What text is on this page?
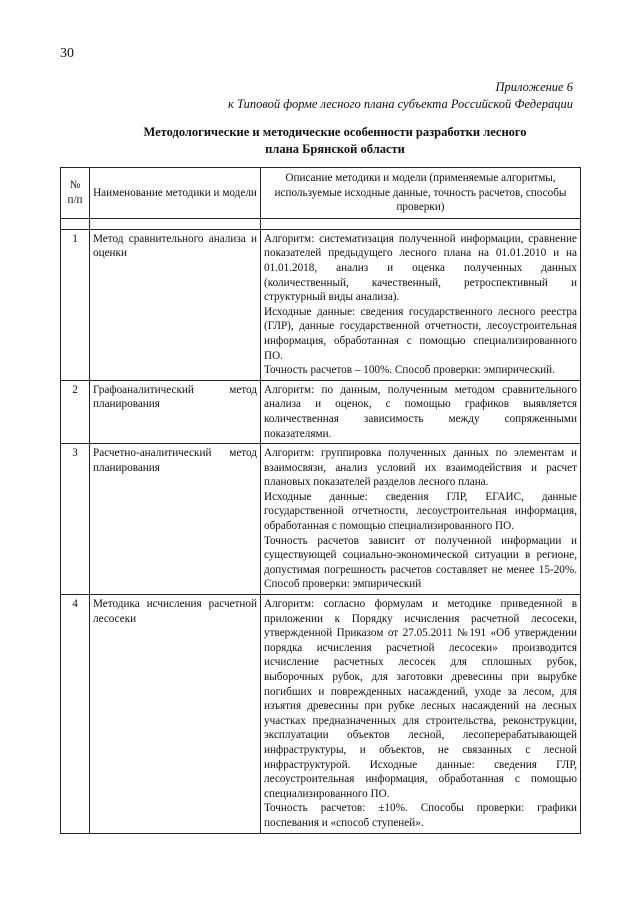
30
Приложение 6
к Типовой форме лесного плана субъекта Российской Федерации
Методологические и методические особенности разработки лесного
плана Брянской области
№ п/п	Наименование методики и модели	Описание методики и модели (применяемые алгоритмы, используемые исходные данные, точность расчетов, способы проверки)

1	Метод сравнительного анализа и оценки	Алгоритм: систематизация полученной информации, сравнение показателей предыдущего лесного плана на 01.01.2010 и на 01.01.2018, анализ и оценка полученных данных (количественный, качественный, ретроспективный и структурный виды анализа).

Исходные данные: сведения государственного лесного реестра (ГЛР), данные государственной отчетности, лесоустроительная информация, обработанная с помощью специализированного ПО.

Точность расчетов – 100%. Способ проверки: эмпирический.

2	Графоаналитический метод планирования	Алгоритм: по данным, полученным методом сравнительного анализа и оценок, с помощью графиков выявляется количественная зависимость между сопряженными показателями.

3	Расчетно-аналитический метод планирования	Алгоритм: группировка полученных данных по элементам и взаимосвязи, анализ условий их взаимодействия и расчет плановых показателей разделов лесного плана.

Исходные данные: сведения ГЛР, ЕГАИС, данные государственной отчетности, лесоустроительная информация, обработанная с помощью специализированного ПО.

Точность расчетов зависит от полученной информации и существующей социально-экономической ситуации в регионе, допустимая погрешность расчетов составляет не менее 15-20%. Способ проверки: эмпирический

4	Методика исчисления расчетной лесосеки	Алгоритм: согласно формулам и методике приведенной в приложении к Порядку исчисления расчетной лесосеки, утвержденной Приказом от 27.05.2011 №191 «Об утверждении порядка исчисления расчетной лесосеки» производится исчисление расчетных лесосек для сплошных рубок, выборочных рубок, для заготовки древесины при вырубке погибших и поврежденных насаждений, уходе за лесом, для изъятия древесины при рубке лесных насаждений на лесных участках предназначенных для строительства, реконструкции, эксплуатации объектов лесной, лесоперерабатывающей инфраструктуры, и объектов, не связанных с лесной инфраструктурой. Исходные данные: сведения ГЛР, лесоустроительная информация, обработанная с помощью специализированного ПО.

Точность расчетов: ±10%. Способы проверки: графики поспевания и «способ ступеней».
